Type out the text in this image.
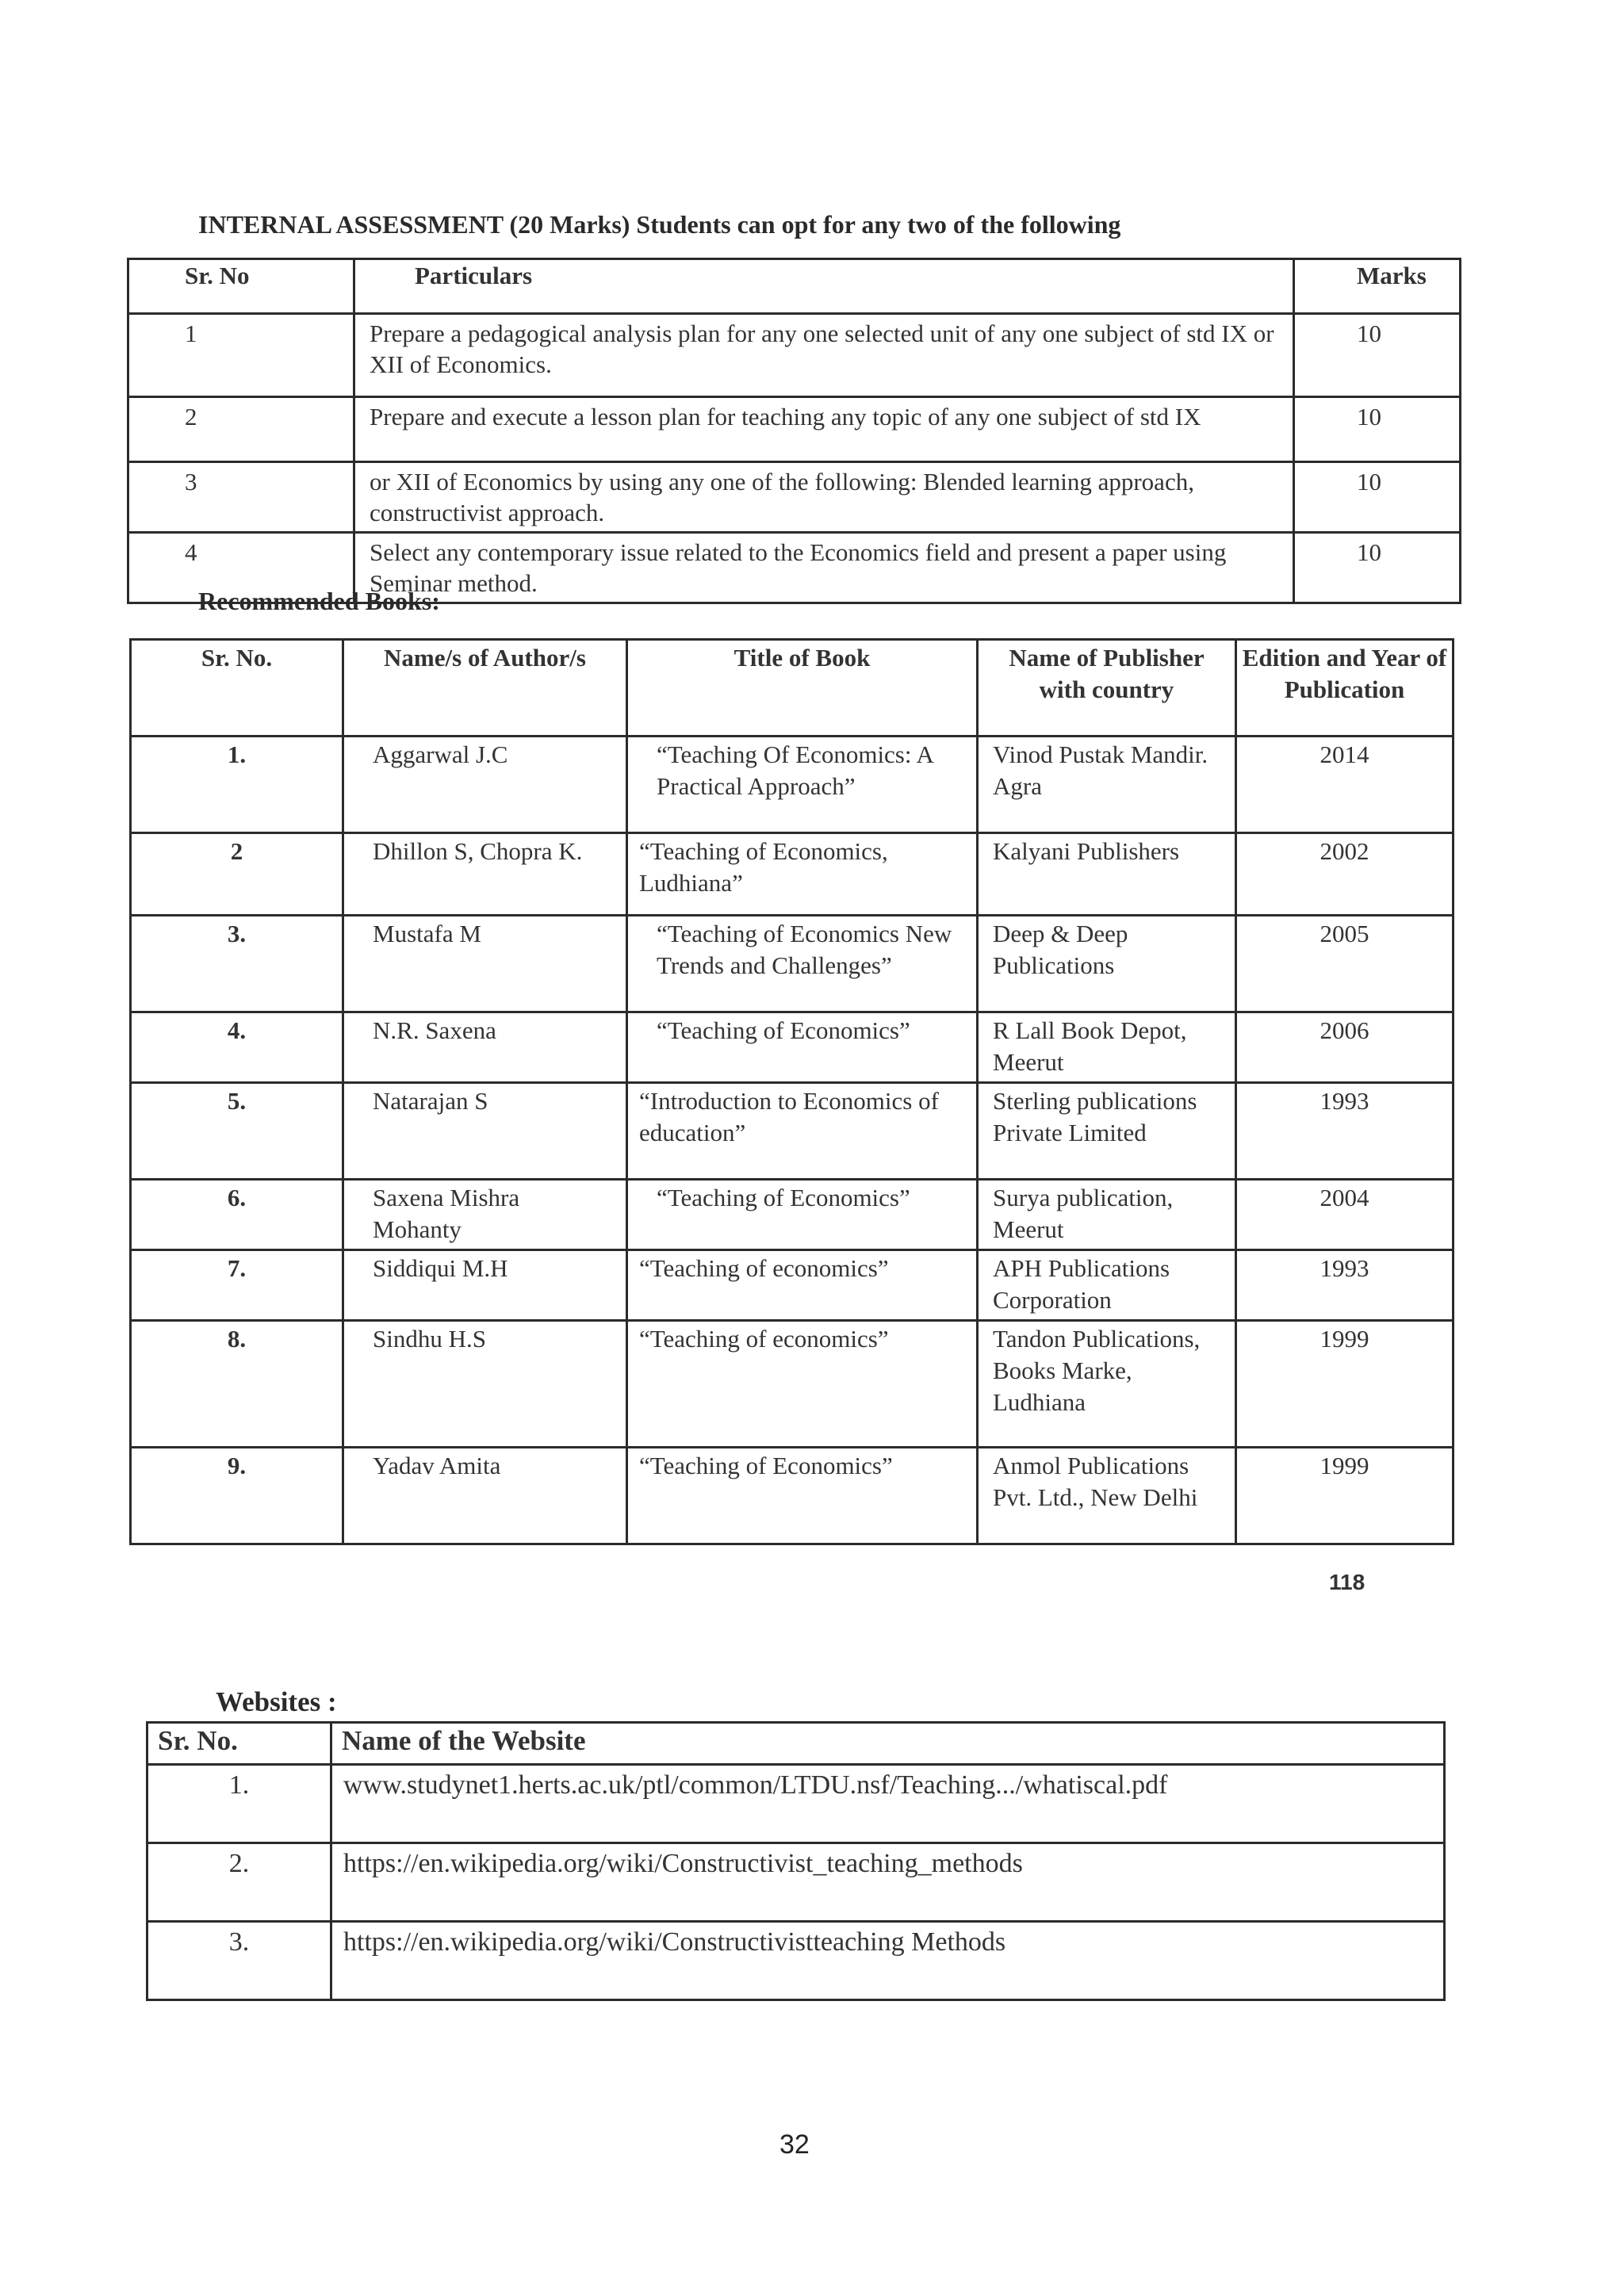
INTERNAL ASSESSMENT (20 Marks) Students can opt for any two of the following
Sr. No	Particulars	Marks
1	Prepare a pedagogical analysis plan for any one selected unit of any one subject of std IX or XII of Economics.	10
2	Prepare and execute a lesson plan for teaching any topic of any one subject of std IX	10
3	or XII of Economics by using any one of the following: Blended learning approach, constructivist approach.	10
4	Select any contemporary issue related to the Economics field and present a paper using Seminar method.	10
Recommended Books:
Sr. No.	Name/s of Author/s	Title of Book	Name of Publisher with country	Edition and Year of Publication
1.	Aggarwal J.C	“Teaching Of Economics: A Practical Approach”	Vinod Pustak Mandir. Agra	2014
2	Dhillon S, Chopra K.	“Teaching of Economics, Ludhiana”	Kalyani Publishers	2002
3.	Mustafa M	“Teaching of Economics New Trends and Challenges”	Deep & Deep Publications	2005
4.	N.R. Saxena	“Teaching of Economics”	R Lall Book Depot, Meerut	2006
5.	Natarajan S	“Introduction to Economics of education”	Sterling publications Private Limited	1993
6.	Saxena Mishra Mohanty	“Teaching of Economics”	Surya publication, Meerut	2004
7.	Siddiqui M.H	“Teaching of economics”	APH Publications Corporation	1993
8.	Sindhu H.S	“Teaching of economics”	Tandon Publications, Books Marke, Ludhiana	1999
9.	Yadav Amita	“Teaching of Economics”	Anmol Publications Pvt. Ltd., New Delhi	1999
118
Websites :
Sr. No.	Name of the Website
1.	www.studynet1.herts.ac.uk/ptl/common/LTDU.nsf/Teaching.../whatiscal.pdf
2.	https://en.wikipedia.org/wiki/Constructivist_teaching_methods
3.	https://en.wikipedia.org/wiki/Constructivistteaching Methods
32
